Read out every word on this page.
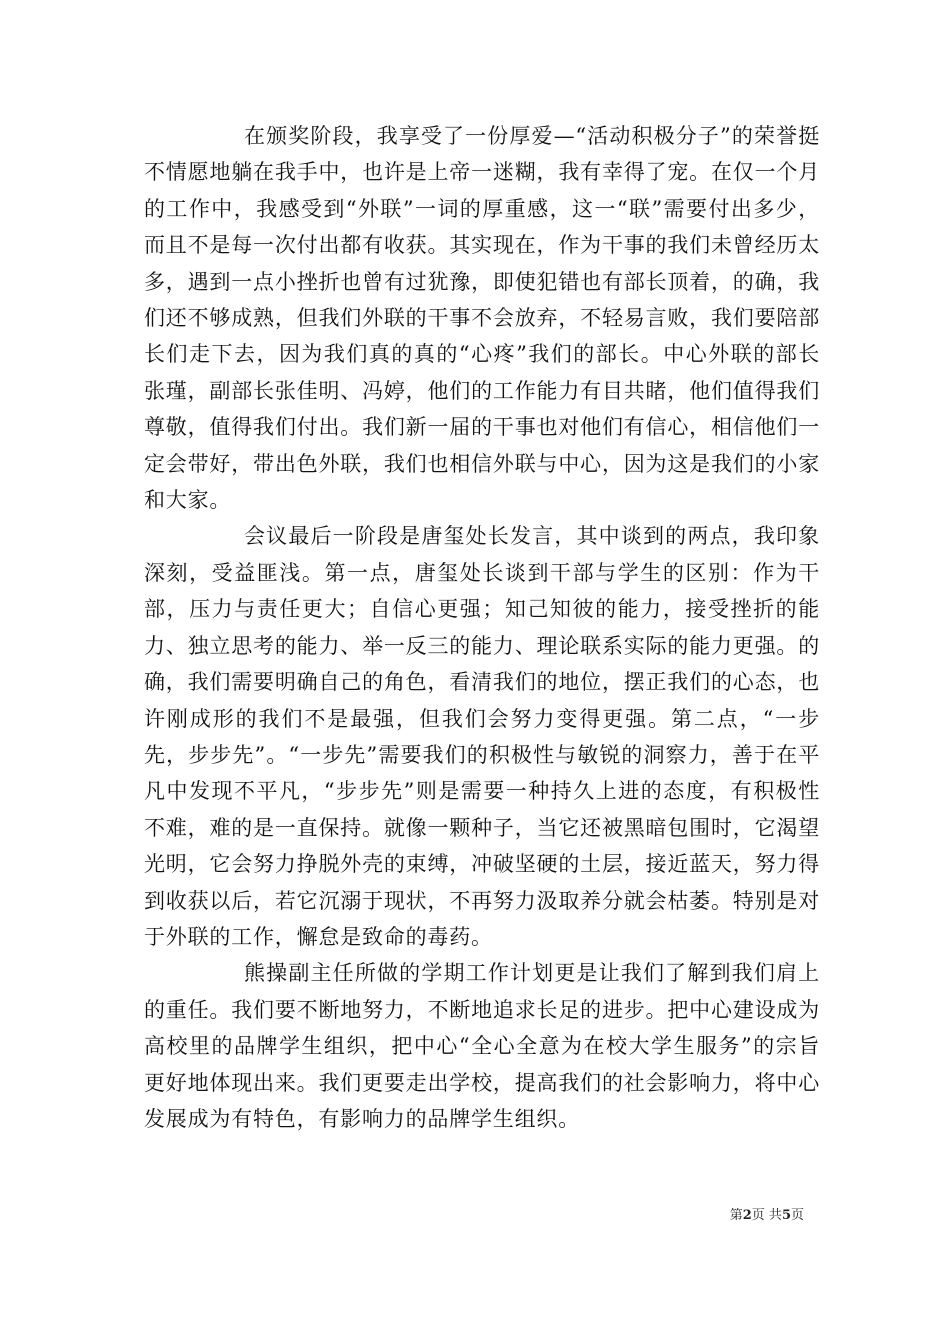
在颁奖阶段，我享受了一份厚爱—“活动积极分子”的荣誉挺不情愿地躺在我手中，也许是上帝一迷糊，我有幸得了宠。在仅一个月的工作中，我感受到“外联”一词的厚重感，这一“联”需要付出多少，而且不是每一次付出都有收获。其实现在，作为干事的我们未曾经历太多，遇到一点小挫折也曾有过犹豫，即使犯错也有部长顶着，的确，我们还不够成熟，但我们外联的干事不会放弃，不轻易言败，我们要陪部长们走下去，因为我们真的真的“心疼”我们的部长。中心外联的部长张瑾，副部长张佳明、冯婷，他们的工作能力有目共睹，他们值得我们尊敬，值得我们付出。我们新一届的干事也对他们有信心，相信他们一定会带好，带出色外联，我们也相信外联与中心，因为这是我们的小家和大家。

会议最后一阶段是唐玺处长发言，其中谈到的两点，我印象深刻，受益匪浅。第一点，唐玺处长谈到干部与学生的区别：作为干部，压力与责任更大；自信心更强；知己知彼的能力，接受挫折的能力、独立思考的能力、举一反三的能力、理论联系实际的能力更强。的确，我们需要明确自己的角色，看清我们的地位，摆正我们的心态，也许刚成形的我们不是最强，但我们会努力变得更强。第二点，“一步先，步步先”。“一步先”需要我们的积极性与敏锐的洞察力，善于在平凡中发现不平凡，“步步先”则是需要一种持久上进的态度，有积极性不难，难的是一直保持。就像一颗种子，当它还被黑暗包围时，它渴望光明，它会努力挣脱外壳的束缚，冲破坚硬的土层，接近蓝天，努力得到收获以后，若它沉溺于现状，不再努力汲取养分就会枯萎。特别是对于外联的工作，懈怠是致命的毒药。

熊操副主任所做的学期工作计划更是让我们了解到我们肩上的重任。我们要不断地努力，不断地追求长足的进步。把中心建设成为高校里的品牌学生组织，把中心“全心全意为在校大学生服务”的宗旨更好地体现出来。我们更要走出学校，提高我们的社会影响力，将中心发展成为有特色，有影响力的品牌学生组织。

第2页 共5页
